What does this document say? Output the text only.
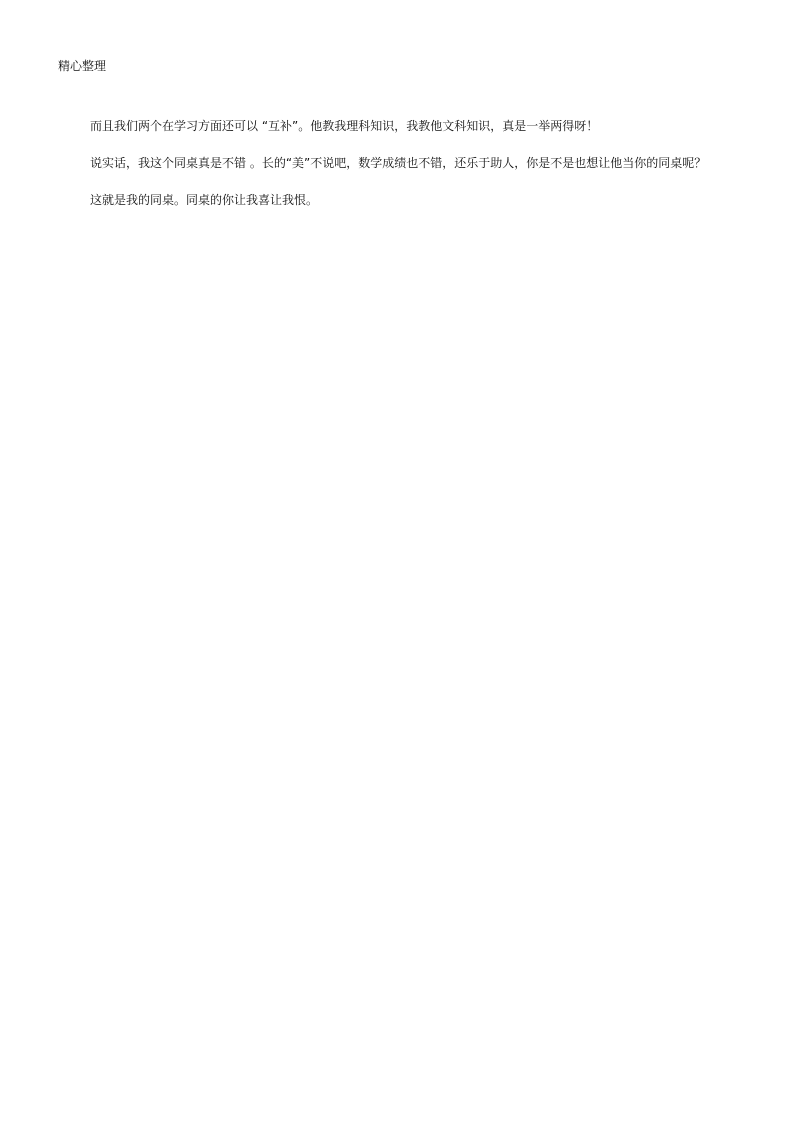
精心整理

而且我们两个在学习方面还可以 “互补”。他教我理科知识，我教他文科知识，真是一举两得呀！

说实话，我这个同桌真是不错 。长的“美”不说吧，数学成绩也不错，还乐于助人，你是不是也想让他当你的同桌呢？

这就是我的同桌。同桌的你让我喜让我恨。
